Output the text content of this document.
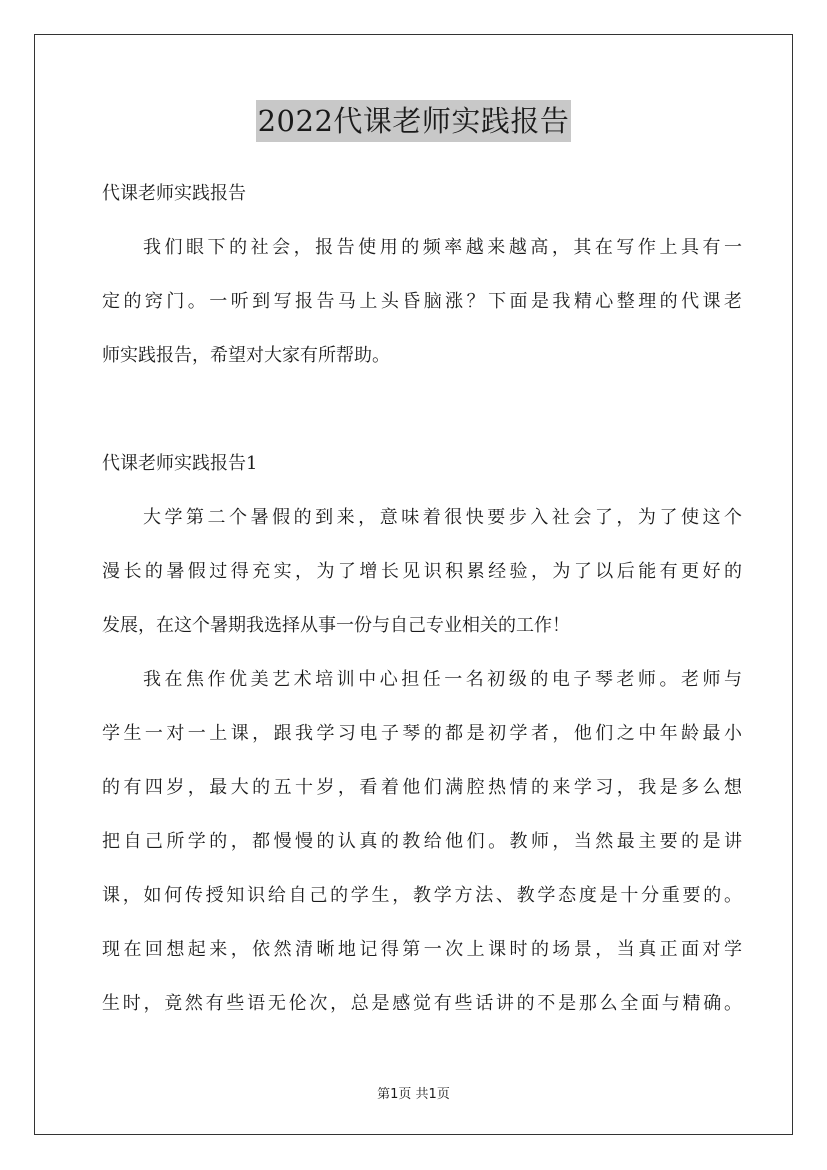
2022代课老师实践报告
代课老师实践报告
我们眼下的社会，报告使用的频率越来越高，其在写作上具有一
定的窍门。一听到写报告马上头昏脑涨？下面是我精心整理的代课老
师实践报告，希望对大家有所帮助。
代课老师实践报告1
大学第二个暑假的到来，意味着很快要步入社会了，为了使这个
漫长的暑假过得充实，为了增长见识积累经验，为了以后能有更好的
发展，在这个暑期我选择从事一份与自己专业相关的工作！
我在焦作优美艺术培训中心担任一名初级的电子琴老师。老师与
学生一对一上课，跟我学习电子琴的都是初学者，他们之中年龄最小
的有四岁，最大的五十岁，看着他们满腔热情的来学习，我是多么想
把自己所学的，都慢慢的认真的教给他们。教师，当然最主要的是讲
课，如何传授知识给自己的学生，教学方法、教学态度是十分重要的。
现在回想起来，依然清晰地记得第一次上课时的场景，当真正面对学
生时，竟然有些语无伦次，总是感觉有些话讲的不是那么全面与精确。
第1页 共1页
